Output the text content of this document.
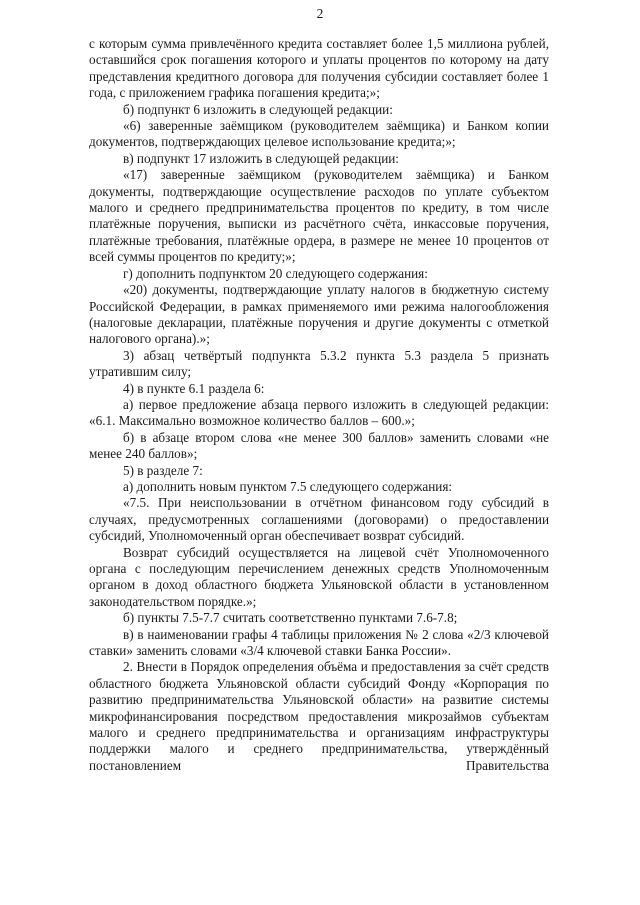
2

с которым сумма привлечённого кредита составляет более 1,5 миллиона рублей, оставшийся срок погашения которого и уплаты процентов по которому на дату представления кредитного договора для получения субсидии составляет более 1 года, с приложением графика погашения кредита;»;

б) подпункт 6 изложить в следующей редакции:

«6) заверенные заёмщиком (руководителем заёмщика) и Банком копии документов, подтверждающих целевое использование кредита;»;

в) подпункт 17 изложить в следующей редакции:

«17) заверенные заёмщиком (руководителем заёмщика) и Банком документы, подтверждающие осуществление расходов по уплате субъектом малого и среднего предпринимательства процентов по кредиту, в том числе платёжные поручения, выписки из расчётного счёта, инкассовые поручения, платёжные требования, платёжные ордера, в размере не менее 10 процентов от всей суммы процентов по кредиту;»;

г) дополнить подпунктом 20 следующего содержания:

«20) документы, подтверждающие уплату налогов в бюджетную систему Российской Федерации, в рамках применяемого ими режима налогообложения (налоговые декларации, платёжные поручения и другие документы с отметкой налогового органа).»;

3) абзац четвёртый подпункта 5.3.2 пункта 5.3 раздела 5 признать утратившим силу;

4) в пункте 6.1 раздела 6:

а) первое предложение абзаца первого изложить в следующей редакции: «6.1. Максимально возможное количество баллов – 600.»;

б) в абзаце втором слова «не менее 300 баллов» заменить словами «не менее 240 баллов»;

5) в разделе 7:

а) дополнить новым пунктом 7.5 следующего содержания:

«7.5. При неиспользовании в отчётном финансовом году субсидий в случаях, предусмотренных соглашениями (договорами) о предоставлении субсидий, Уполномоченный орган обеспечивает возврат субсидий.

Возврат субсидий осуществляется на лицевой счёт Уполномоченного органа с последующим перечислением денежных средств Уполномоченным органом в доход областного бюджета Ульяновской области в установленном законодательством порядке.»;

б) пункты 7.5-7.7 считать соответственно пунктами 7.6-7.8;

в) в наименовании графы 4 таблицы приложения № 2 слова «2/3 ключевой ставки» заменить словами «3/4 ключевой ставки Банка России».

2. Внести в Порядок определения объёма и предоставления за счёт средств областного бюджета Ульяновской области субсидий Фонду «Корпорация по развитию предпринимательства Ульяновской области» на развитие системы микрофинансирования посредством предоставления микрозаймов субъектам малого и среднего предпринимательства и организациям инфраструктуры поддержки малого и среднего предпринимательства, утверждённый постановлением Правительства
